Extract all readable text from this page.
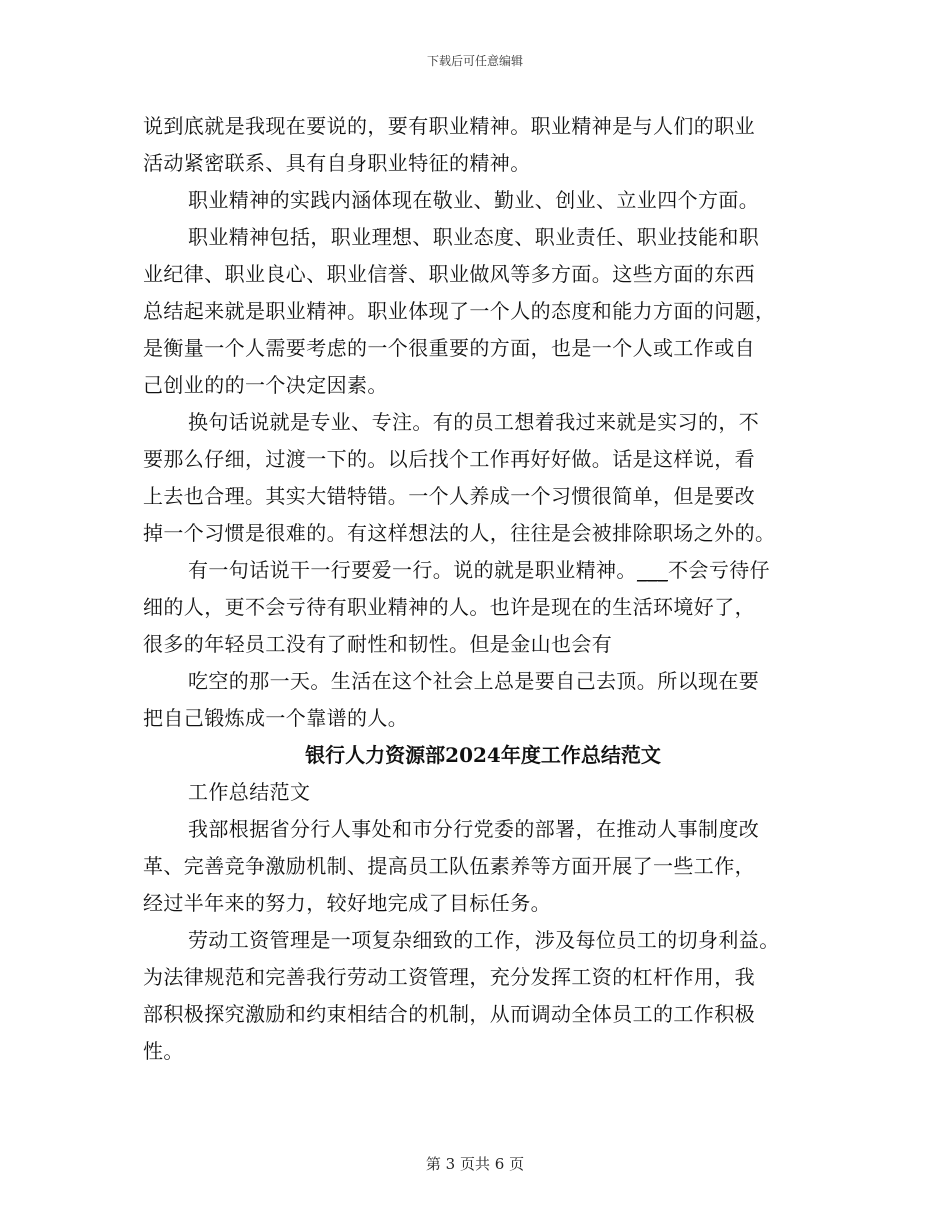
下载后可任意编辑
说到底就是我现在要说的，要有职业精神。职业精神是与人们的职业
活动紧密联系、具有自身职业特征的精神。
职业精神的实践内涵体现在敬业、勤业、创业、立业四个方面。
职业精神包括，职业理想、职业态度、职业责任、职业技能和职
业纪律、职业良心、职业信誉、职业做风等多方面。这些方面的东西
总结起来就是职业精神。职业体现了一个人的态度和能力方面的问题，
是衡量一个人需要考虑的一个很重要的方面，也是一个人或工作或自
己创业的的一个决定因素。
换句话说就是专业、专注。有的员工想着我过来就是实习的，不
要那么仔细，过渡一下的。以后找个工作再好好做。话是这样说，看
上去也合理。其实大错特错。一个人养成一个习惯很简单，但是要改
掉一个习惯是很难的。有这样想法的人，往往是会被排除职场之外的。
有一句话说干一行要爱一行。说的就是职业精神。___不会亏待仔
细的人，更不会亏待有职业精神的人。也许是现在的生活环境好了，
很多的年轻员工没有了耐性和韧性。但是金山也会有
吃空的那一天。生活在这个社会上总是要自己去顶。所以现在要
把自己锻炼成一个靠谱的人。
银行人力资源部2024年度工作总结范文
工作总结范文
我部根据省分行人事处和市分行党委的部署，在推动人事制度改
革、完善竞争激励机制、提高员工队伍素养等方面开展了一些工作，
经过半年来的努力，较好地完成了目标任务。
劳动工资管理是一项复杂细致的工作，涉及每位员工的切身利益。
为法律规范和完善我行劳动工资管理，充分发挥工资的杠杆作用，我
部积极探究激励和约束相结合的机制，从而调动全体员工的工作积极
性。
第 3 页共 6 页
